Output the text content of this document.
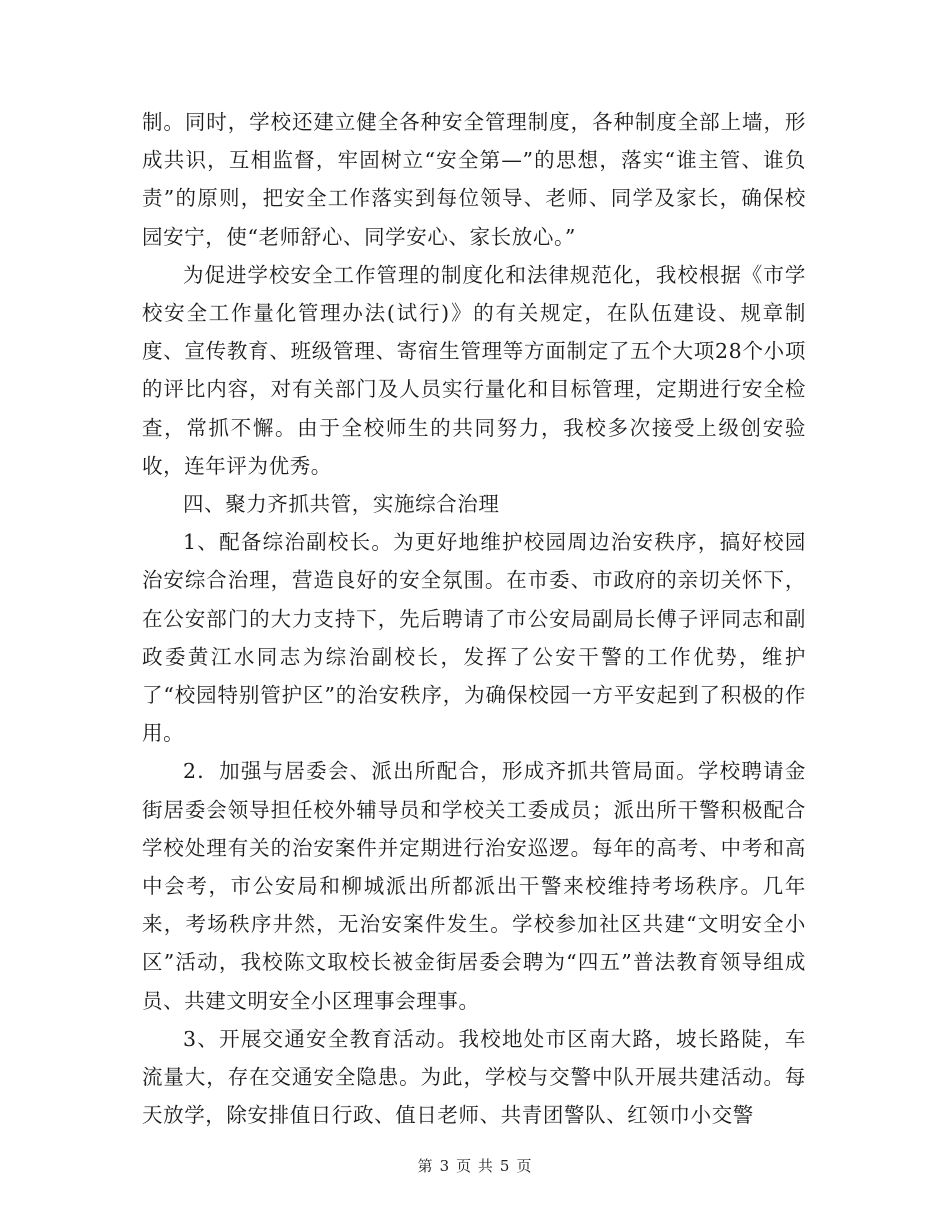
制。同时，学校还建立健全各种安全管理制度，各种制度全部上墙，形成共识，互相监督，牢固树立“安全第—”的思想，落实“谁主管、谁负责”的原则，把安全工作落实到每位领导、老师、同学及家长，确保校园安宁，使“老师舒心、同学安心、家长放心。”

为促进学校安全工作管理的制度化和法律规范化，我校根据《市学校安全工作量化管理办法(试行)》的有关规定，在队伍建设、规章制度、宣传教育、班级管理、寄宿生管理等方面制定了五个大项28个小项的评比内容，对有关部门及人员实行量化和目标管理，定期进行安全检查，常抓不懈。由于全校师生的共同努力，我校多次接受上级创安验收，连年评为优秀。

四、聚力齐抓共管，实施综合治理

1、配备综治副校长。为更好地维护校园周边治安秩序，搞好校园治安综合治理，营造良好的安全氛围。在市委、市政府的亲切关怀下，在公安部门的大力支持下，先后聘请了市公安局副局长傅子评同志和副政委黄江水同志为综治副校长，发挥了公安干警的工作优势，维护了“校园特别管护区”的治安秩序，为确保校园一方平安起到了积极的作用。

2．加强与居委会、派出所配合，形成齐抓共管局面。学校聘请金街居委会领导担任校外辅导员和学校关工委成员；派出所干警积极配合学校处理有关的治安案件并定期进行治安巡逻。每年的高考、中考和高中会考，市公安局和柳城派出所都派出干警来校维持考场秩序。几年来，考场秩序井然，无治安案件发生。学校参加社区共建“文明安全小区”活动，我校陈文取校长被金街居委会聘为“四五”普法教育领导组成员、共建文明安全小区理事会理事。

3、开展交通安全教育活动。我校地处市区南大路，坡长路陡，车流量大，存在交通安全隐患。为此，学校与交警中队开展共建活动。每天放学，除安排值日行政、值日老师、共青团警队、红领巾小交警

第 3 页 共 5 页
